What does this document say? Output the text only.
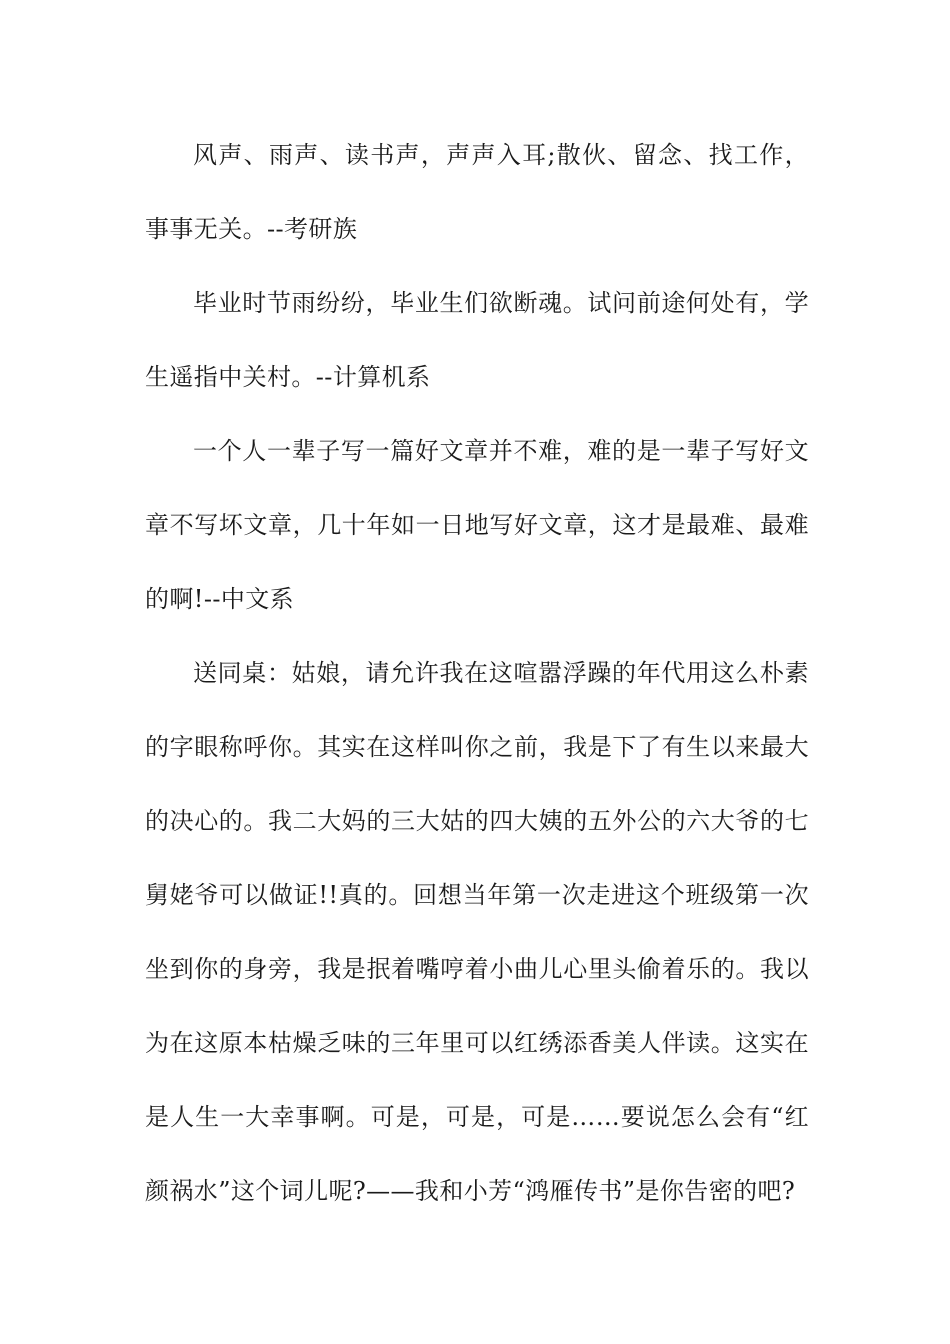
风声、雨声、读书声，声声入耳;散伙、留念、找工作，事事无关。--考研族

毕业时节雨纷纷，毕业生们欲断魂。试问前途何处有，学生遥指中关村。--计算机系

一个人一辈子写一篇好文章并不难，难的是一辈子写好文章不写坏文章，几十年如一日地写好文章，这才是最难、最难的啊!--中文系

送同桌：姑娘，请允许我在这喧嚣浮躁的年代用这么朴素的字眼称呼你。其实在这样叫你之前，我是下了有生以来最大的决心的。我二大妈的三大姑的四大姨的五外公的六大爷的七舅姥爷可以做证!!真的。回想当年第一次走进这个班级第一次坐到你的身旁，我是抿着嘴哼着小曲儿心里头偷着乐的。我以为在这原本枯燥乏味的三年里可以红绣添香美人伴读。这实在是人生一大幸事啊。可是，可是，可是……要说怎么会有“红颜祸水”这个词儿呢?——我和小芳“鸿雁传书”是你告密的吧?
